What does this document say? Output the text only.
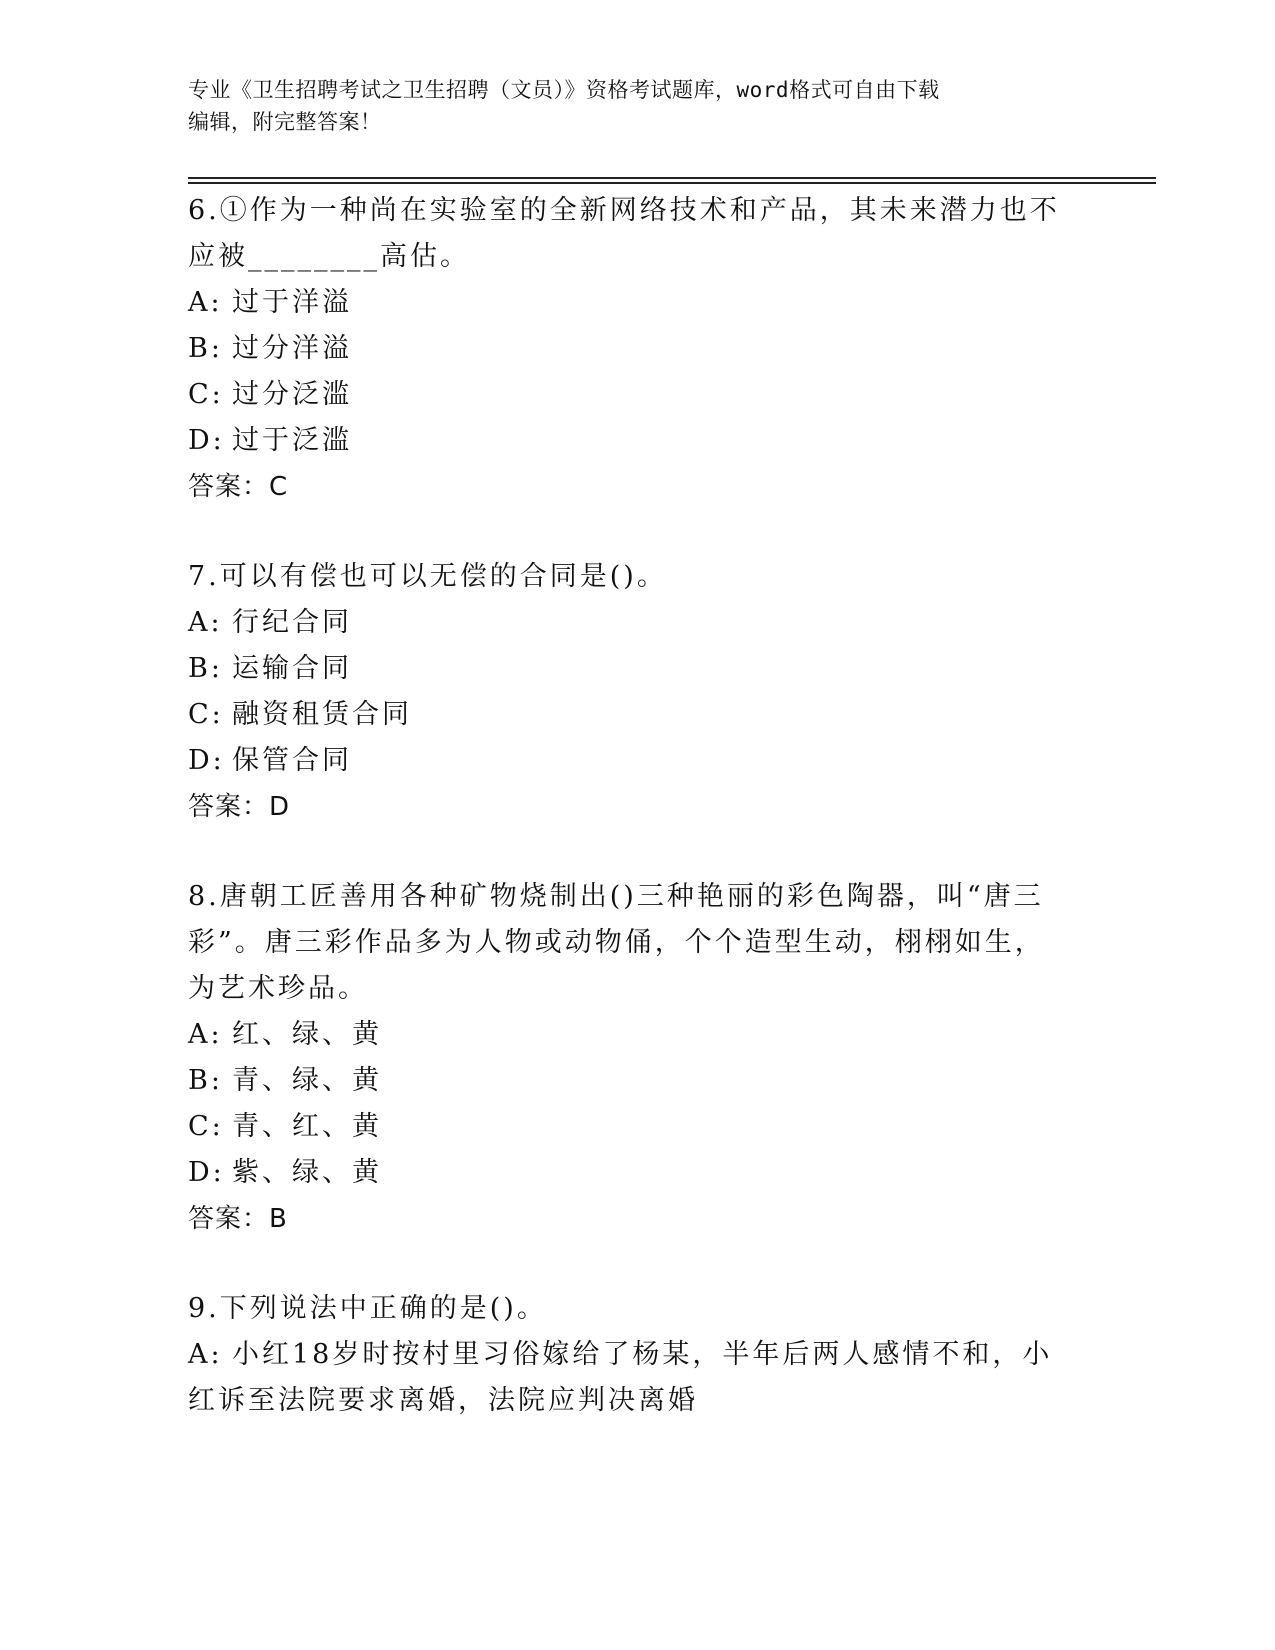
专业《卫生招聘考试之卫生招聘（文员）》资格考试题库，word格式可自由下载
编辑，附完整答案！
6.①作为一种尚在实验室的全新网络技术和产品，其未来潜力也不应被________高估。
A: 过于洋溢
B: 过分洋溢
C: 过分泛滥
D: 过于泛滥
答案：C
7.可以有偿也可以无偿的合同是()。
A: 行纪合同
B: 运输合同
C: 融资租赁合同
D: 保管合同
答案：D
8.唐朝工匠善用各种矿物烧制出()三种艳丽的彩色陶器，叫“唐三彩”。唐三彩作品多为人物或动物俑，个个造型生动，栩栩如生，为艺术珍品。
A: 红、绿、黄
B: 青、绿、黄
C: 青、红、黄
D: 紫、绿、黄
答案：B
9.下列说法中正确的是()。
A: 小红18岁时按村里习俗嫁给了杨某，半年后两人感情不和，小红诉至法院要求离婚，法院应判决离婚
